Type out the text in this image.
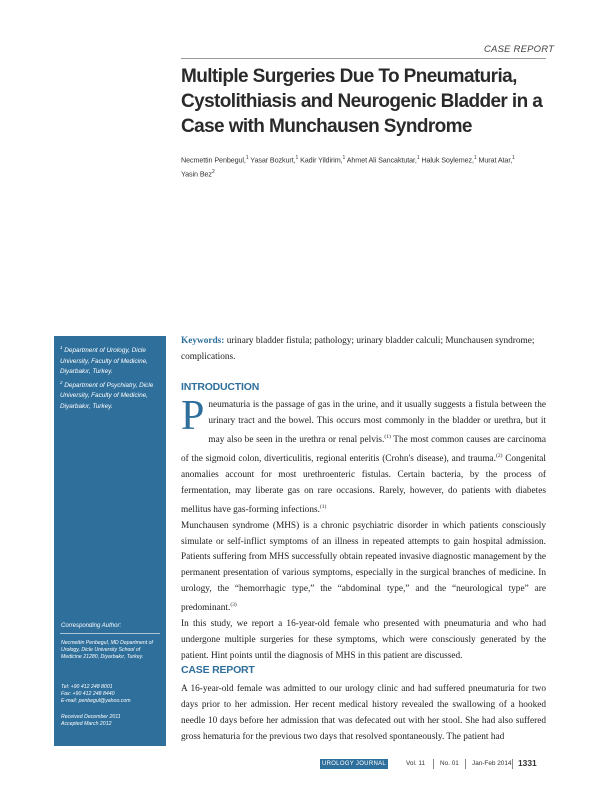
CASE REPORT
Multiple Surgeries Due To Pneumaturia, Cystolithiasis and Neurogenic Bladder in a Case with Munchausen Syndrome
Necmettin Penbegul,$^1$ Yasar Bozkurt,$^1$ Kadir Yildirim,$^1$ Ahmet Ali Sancaktutar,$^1$ Haluk Soylemez,$^1$ Murat Atar,$^1$
Yasin Bez$^2$
$^1$ Department of Urology, Dicle University, Faculty of Medicine, Diyarbakır, Turkey.
$^2$ Department of Psychiatry, Dicle University, Faculty of Medicine, Diyarbakır, Turkey.
Corresponding Author:
Necmettin Penbegul, MD Department of Urology, Dicle University School of Medicine 21280, Diyarbakır, Turkey.
Tel: +90 412 248 8001
Fax: +90 412 248 8440
E-mail: penbegul@yahoo.com
Received December 2011
Accepted March 2012
Keywords: urinary bladder fistula; pathology; urinary bladder calculi; Munchausen syndrome; complications.
INTRODUCTION

Pneumaturia is the passage of gas in the urine, and it usually suggests a fistula between the urinary tract and the bowel. This occurs most commonly in the bladder or urethra, but it may also be seen in the urethra or renal pelvis.$^{(1)}$ The most common causes are carcinoma of the sigmoid colon, diverticulitis, regional enteritis (Crohn's disease), and trauma.$^{(2)}$ Congenital anomalies account for most urethroenteric fistulas. Certain bacteria, by the process of fermentation, may liberate gas on rare occasions. Rarely, however, do patients with diabetes mellitus have gas-forming infections.$^{(1)}$

Munchausen syndrome (MHS) is a chronic psychiatric disorder in which patients consciously simulate or self-inflict symptoms of an illness in repeated attempts to gain hospital admission. Patients suffering from MHS successfully obtain repeated invasive diagnostic management by the permanent presentation of various symptoms, especially in the surgical branches of medicine. In urology, the “hemorrhagic type,” the “abdominal type,” and the “neurological type” are predominant.$^{(3)}$

In this study, we report a 16-year-old female who presented with pneumaturia and who had undergone multiple surgeries for these symptoms, which were consciously generated by the patient. Hint points until the diagnosis of MHS in this patient are discussed.

CASE REPORT

A 16-year-old female was admitted to our urology clinic and had suffered pneumaturia for two days prior to her admission. Her recent medical history revealed the swallowing of a hooked needle 10 days before her admission that was defecated out with her stool. She had also suffered gross hematuria for the previous two days that resolved spontaneously. The patient had

UROLOGY JOURNAL	Vol. 11 No. 01 Jan-Feb 2014 1331
